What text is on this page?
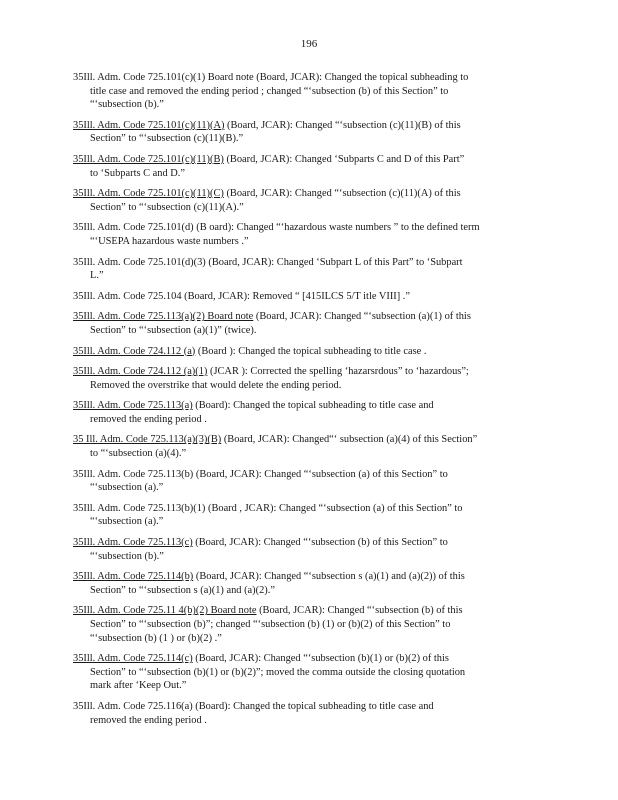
196
35Ill. Adm. Code 725.101(c)(1) Board note (Board, JCAR): Changed the topical subheading to
title case and removed the ending period ; changed “‘subsection (b) of this Section” to
“‘subsection (b).”
35Ill. Adm. Code 725.101(c)(11)(A) (Board, JCAR): Changed “‘subsection (c)(11)(B) of this
Section” to “‘subsection (c)(11)(B).”
35Ill. Adm. Code 725.101(c)(11)(B) (Board, JCAR): Changed ‘Subparts C and D of this Part”
to ‘Subparts C and D.”
35Ill. Adm. Code 725.101(c)(11)(C) (Board, JCAR): Changed “‘subsection (c)(11)(A) of this
Section” to “‘subsection (c)(11)(A).”
35Ill. Adm. Code 725.101(d) (B oard): Changed “‘hazardous waste numbers ” to the defined term
“‘USEPA hazardous waste numbers .”
35Ill. Adm. Code 725.101(d)(3) (Board, JCAR): Changed ‘Subpart L of this Part” to ‘Subpart
L.”
35Ill. Adm. Code 725.104 (Board, JCAR): Removed “ [415ILCS 5/T itle VIII] .”
35Ill. Adm. Code 725.113(a)(2) Board note (Board, JCAR): Changed “‘subsection (a)(1) of this
Section” to “‘subsection (a)(1)” (twice).
35Ill. Adm. Code 724.112 (a) (Board ): Changed the topical subheading to title case .
35Ill. Adm. Code 724.112 (a)(1) (JCAR ): Corrected the spelling ‘hazarsrdous” to ‘hazardous”;
Removed the overstrike that would delete the ending period.
35Ill. Adm. Code 725.113(a) (Board): Changed the topical subheading to title case and
removed the ending period .
35 Ill. Adm. Code 725.113(a)(3)(B) (Board, JCAR): Changed“‘ subsection (a)(4) of this Section”
to “‘subsection (a)(4).”
35Ill. Adm. Code 725.113(b) (Board, JCAR): Changed “‘subsection (a) of this Section” to
“‘subsection (a).”
35Ill. Adm. Code 725.113(b)(1) (Board , JCAR): Changed “‘subsection (a) of this Section” to
“‘subsection (a).”
35Ill. Adm. Code 725.113(c) (Board, JCAR): Changed “‘subsection (b) of this Section” to
“‘subsection (b).”
35Ill. Adm. Code 725.114(b) (Board, JCAR): Changed “‘subsection s (a)(1) and (a)(2)) of this
Section” to “‘subsection s (a)(1) and (a)(2).”
35Ill. Adm. Code 725.11 4(b)(2) Board note (Board, JCAR): Changed “‘subsection (b) of this
Section” to “‘subsection (b)”; changed “‘subsection (b) (1) or (b)(2) of this Section” to
“‘subsection (b) (1 ) or (b)(2) .”
35Ill. Adm. Code 725.114(c) (Board, JCAR): Changed “‘subsection (b)(1) or (b)(2) of this
Section” to “‘subsection (b)(1) or (b)(2)”; moved the comma outside the closing quotation
mark after ‘Keep Out.”
35Ill. Adm. Code 725.116(a) (Board): Changed the topical subheading to title case and
removed the ending period .
